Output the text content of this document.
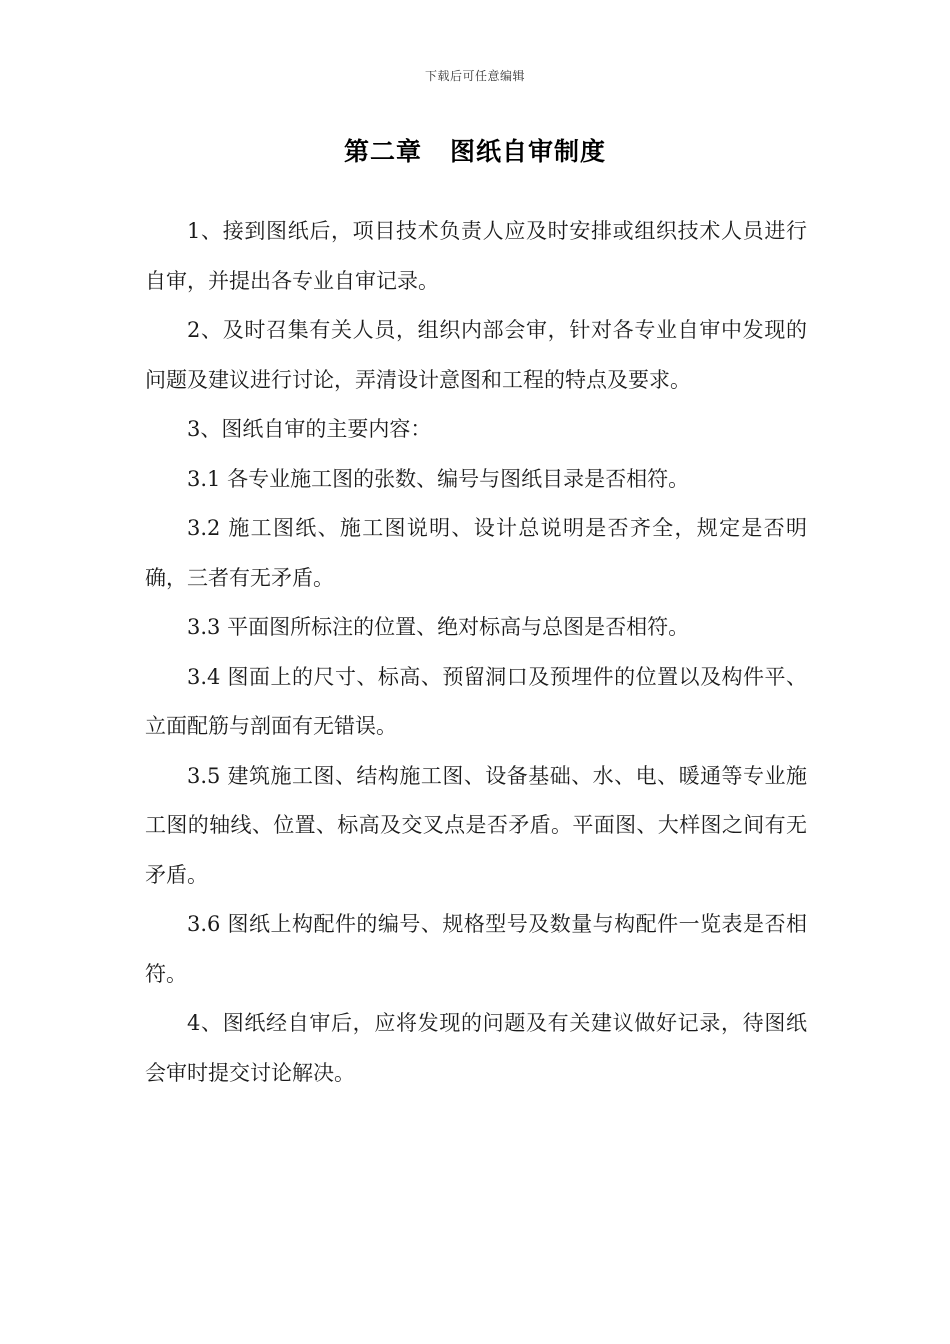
下载后可任意编辑
第二章 图纸自审制度

1、接到图纸后，项目技术负责人应及时安排或组织技术人员进行自审，并提出各专业自审记录。

2、及时召集有关人员，组织内部会审，针对各专业自审中发现的问题及建议进行讨论，弄清设计意图和工程的特点及要求。

3、图纸自审的主要内容：

3.1 各专业施工图的张数、编号与图纸目录是否相符。

3.2 施工图纸、施工图说明、设计总说明是否齐全，规定是否明确，三者有无矛盾。

3.3 平面图所标注的位置、绝对标高与总图是否相符。

3.4 图面上的尺寸、标高、预留洞口及预埋件的位置以及构件平、立面配筋与剖面有无错误。

3.5 建筑施工图、结构施工图、设备基础、水、电、暖通等专业施工图的轴线、位置、标高及交叉点是否矛盾。平面图、大样图之间有无矛盾。

3.6 图纸上构配件的编号、规格型号及数量与构配件一览表是否相符。

4、图纸经自审后，应将发现的问题及有关建议做好记录，待图纸会审时提交讨论解决。
